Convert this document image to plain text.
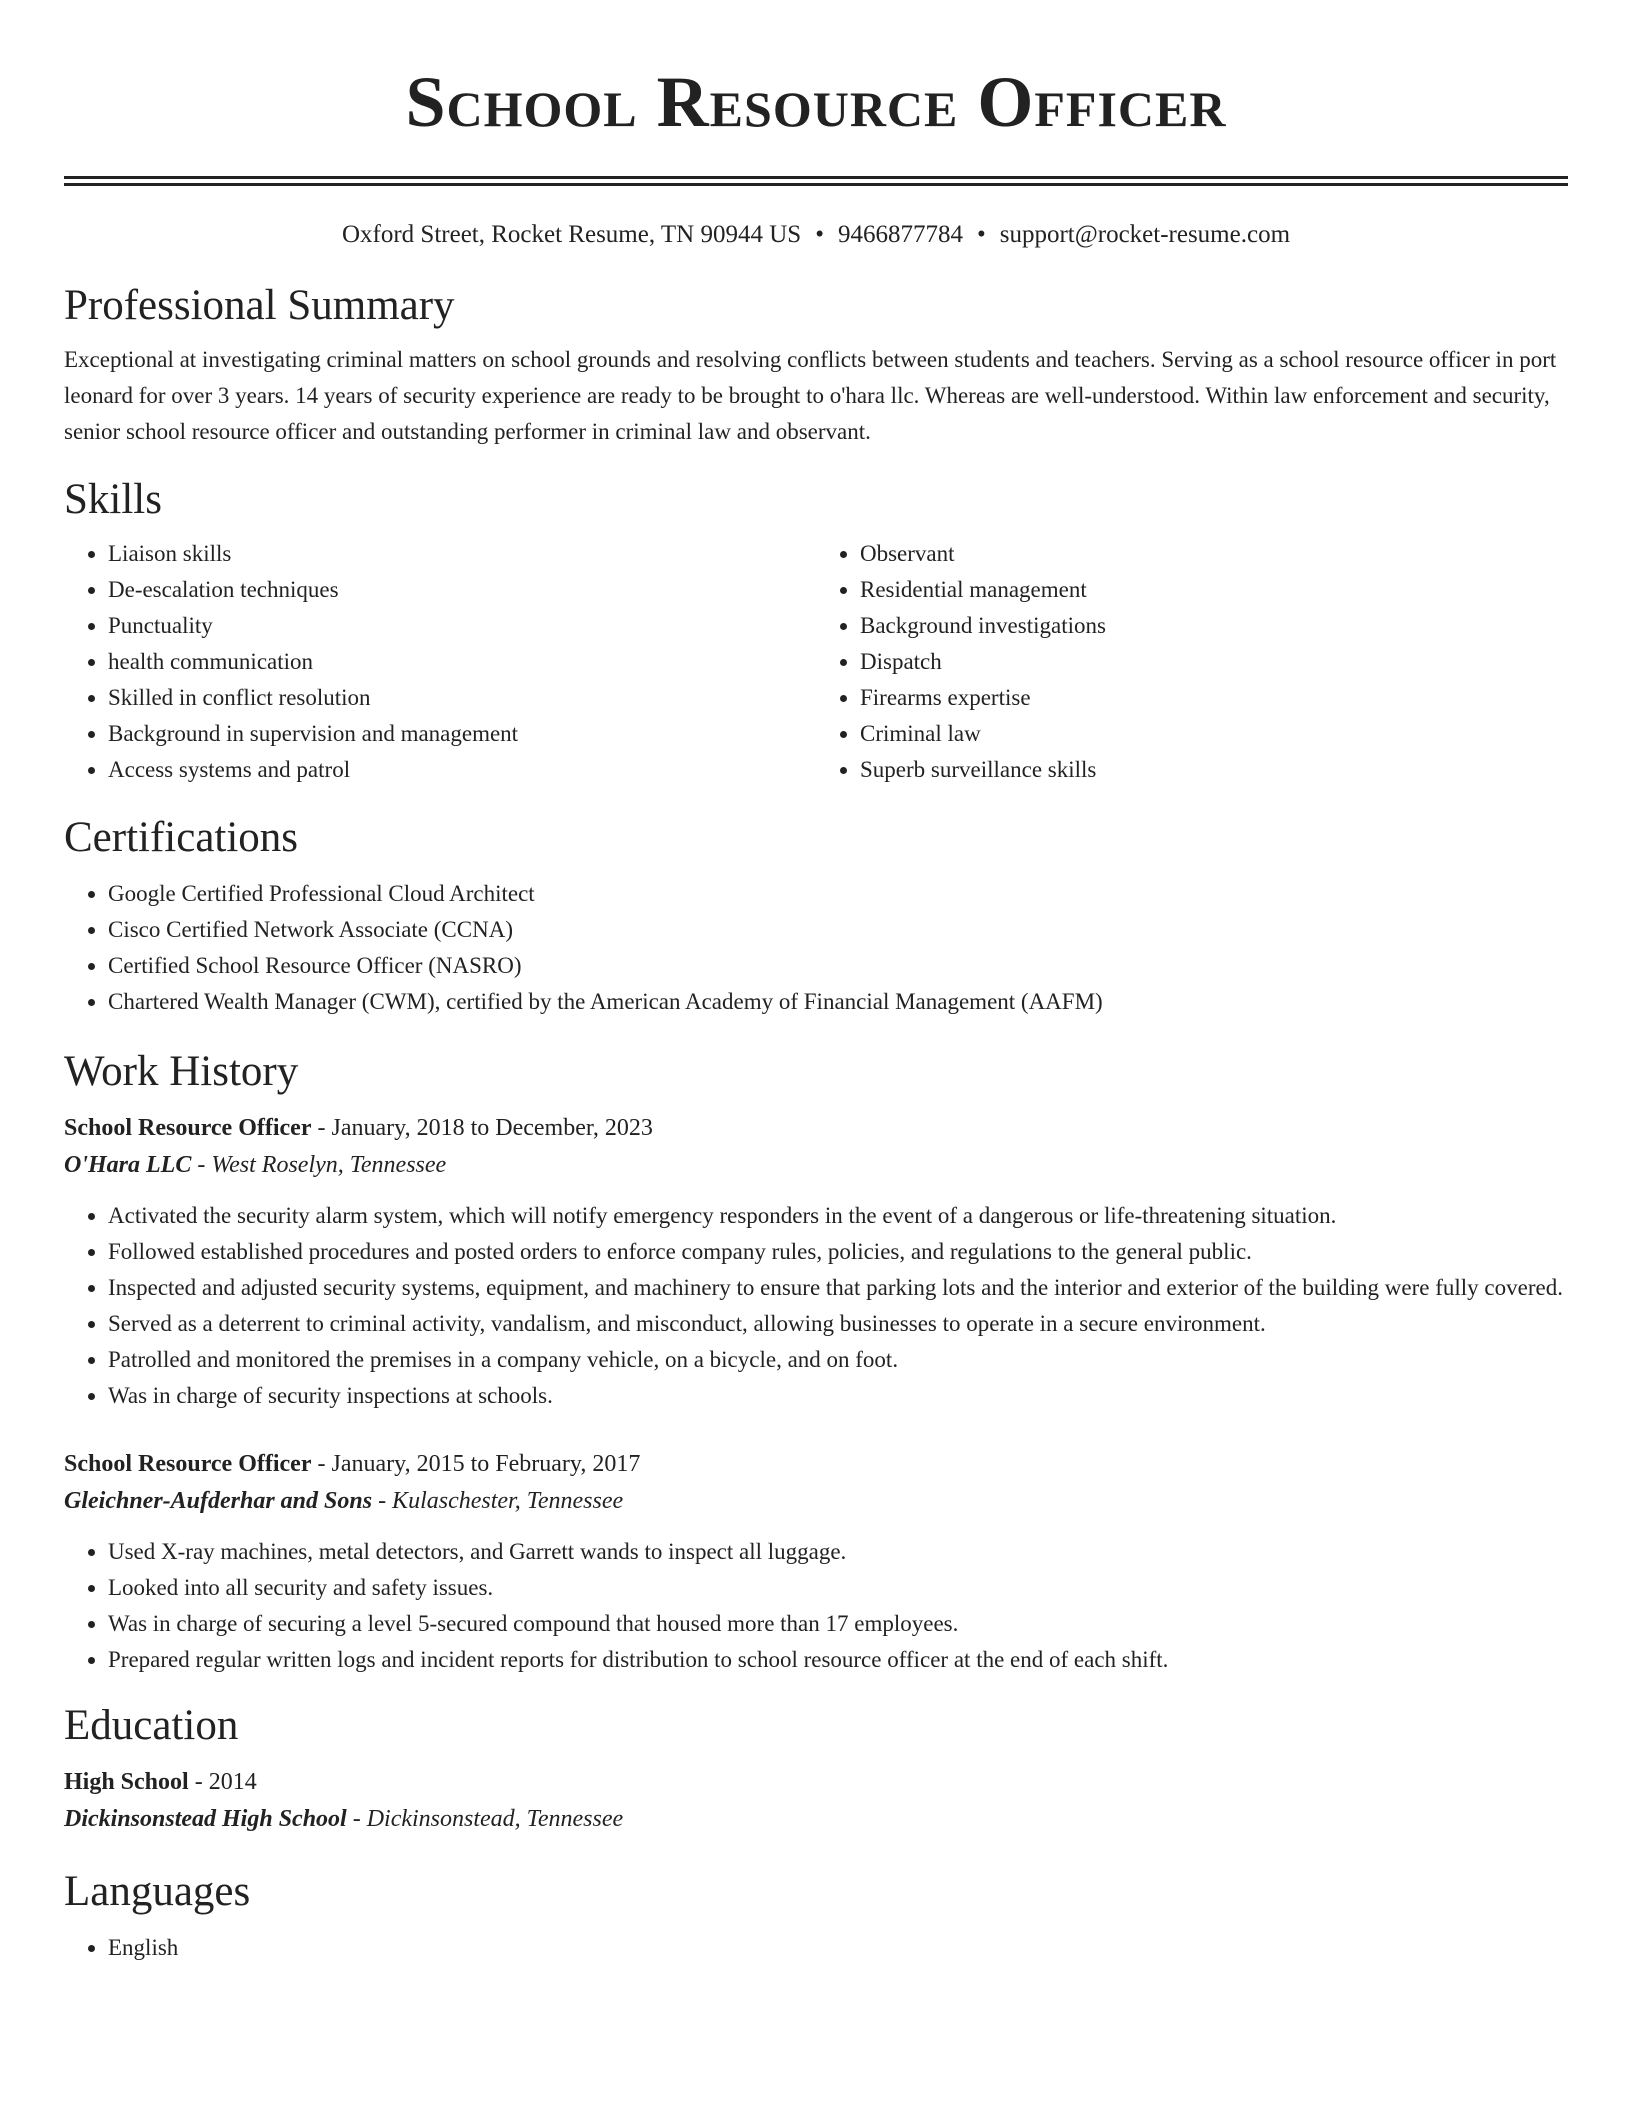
School Resource Officer
Oxford Street, Rocket Resume, TN 90944 US • 9466877784 • support@rocket-resume.com
Professional Summary

Exceptional at investigating criminal matters on school grounds and resolving conflicts between students and teachers. Serving as a school resource officer in port leonard for over 3 years. 14 years of security experience are ready to be brought to o'hara llc. Whereas are well-understood. Within law enforcement and security, senior school resource officer and outstanding performer in criminal law and observant.

Skills
• Liaison skills
• De-escalation techniques
• Punctuality
• health communication
• Skilled in conflict resolution
• Background in supervision and management
• Access systems and patrol
• Observant
• Residential management
• Background investigations
• Dispatch
• Firearms expertise
• Criminal law
• Superb surveillance skills
Certifications
• Google Certified Professional Cloud Architect
• Cisco Certified Network Associate (CCNA)
• Certified School Resource Officer (NASRO)
• Chartered Wealth Manager (CWM), certified by the American Academy of Financial Management (AAFM)
Work History
School Resource Officer - January, 2018 to December, 2023
O'Hara LLC - West Roselyn, Tennessee
• Activated the security alarm system, which will notify emergency responders in the event of a dangerous or life-threatening situation.
• Followed established procedures and posted orders to enforce company rules, policies, and regulations to the general public.
• Inspected and adjusted security systems, equipment, and machinery to ensure that parking lots and the interior and exterior of the building were fully covered.
• Served as a deterrent to criminal activity, vandalism, and misconduct, allowing businesses to operate in a secure environment.
• Patrolled and monitored the premises in a company vehicle, on a bicycle, and on foot.
• Was in charge of security inspections at schools.
School Resource Officer - January, 2015 to February, 2017
Gleichner-Aufderhar and Sons - Kulaschester, Tennessee
• Used X-ray machines, metal detectors, and Garrett wands to inspect all luggage.
• Looked into all security and safety issues.
• Was in charge of securing a level 5-secured compound that housed more than 17 employees.
• Prepared regular written logs and incident reports for distribution to school resource officer at the end of each shift.
Education
High School - 2014
Dickinsonstead High School - Dickinsonstead, Tennessee
Languages
• English
